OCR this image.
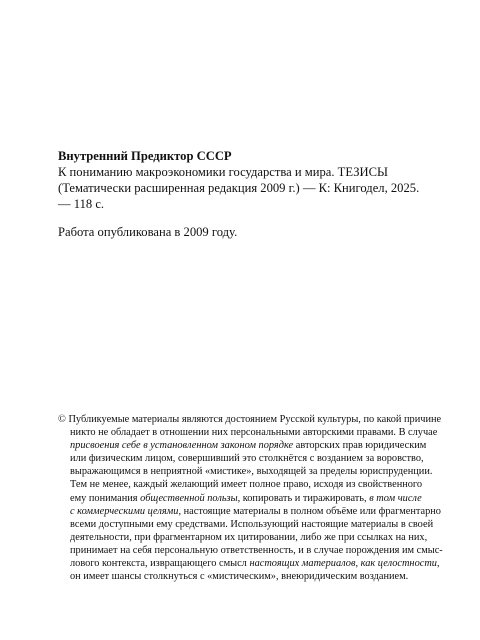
Внутренний Предиктор СССР
К пониманию макроэкономики государства и мира. ТЕЗИСЫ
(Тематически расширенная редакция 2009 г.) — К: Книгодел, 2025.
— 118 с.
Работа опубликована в 2009 году.
© Публикуемые материалы являются достоянием Русской культуры, по какой причине
никто не обладает в отношении них персональными авторскими правами. В случае
присвоения себе в установленном законом порядке авторских прав юридическим
или физическим лицом, совершивший это столкнётся с возданием за воровство,
выражающимся в неприятной «мистике», выходящей за пределы юриспруденции.
Тем не менее, каждый желающий имеет полное право, исходя из свойственного
ему понимания общественной пользы, копировать и тиражировать, в том числе
с коммерческими целями, настоящие материалы в полном объёме или фрагментарно
всеми доступными ему средствами. Использующий настоящие материалы в своей
деятельности, при фрагментарном их цитировании, либо же при ссылках на них,
принимает на себя персональную ответственность, и в случае порождения им смыс-
лового контекста, извращающего смысл настоящих материалов, как целостности,
он имеет шансы столкнуться с «мистическим», внеюридическим возданием.
